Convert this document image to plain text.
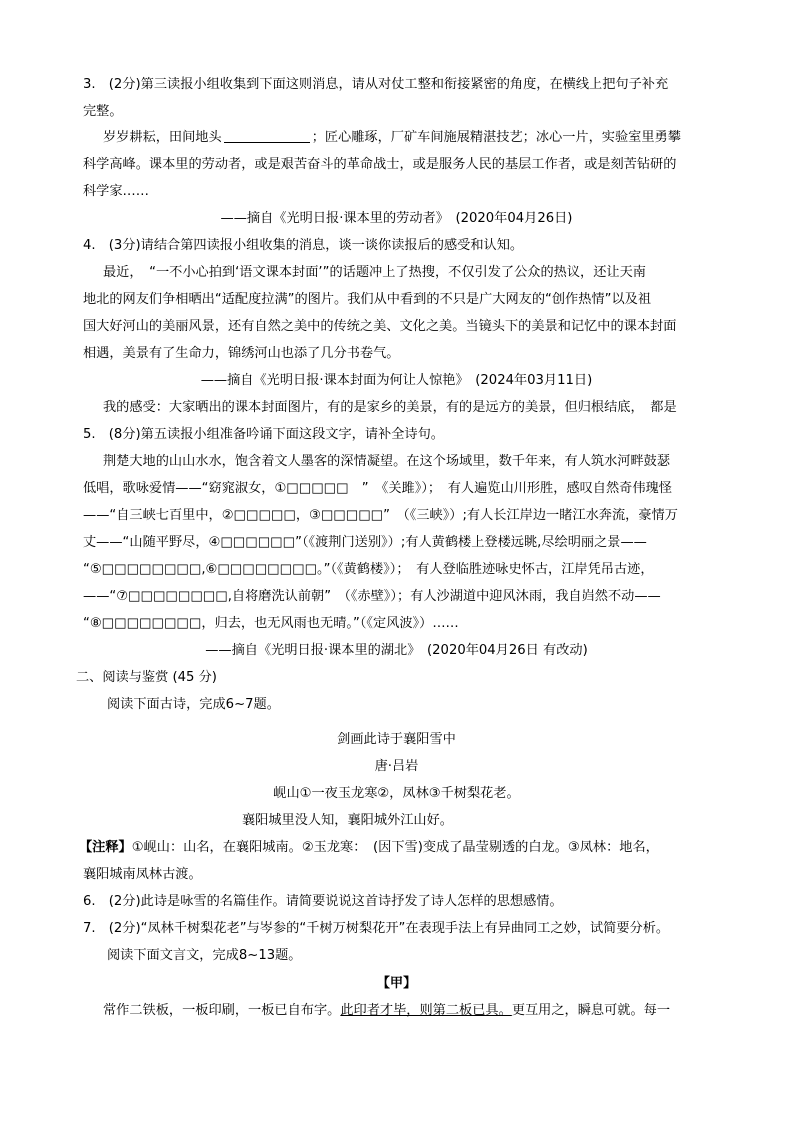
3.　(2分)第三读报小组收集到下面这则消息，请从对仗工整和衔接紧密的角度，在横线上把句子补充
完整。
岁岁耕耘，田间地头	；匠心雕琢，厂矿车间施展精湛技艺；冰心一片，实验室里勇攀
科学高峰。课本里的劳动者，或是艰苦奋斗的革命战士，或是服务人民的基层工作者，或是刻苦钻研的
科学家……
——摘自《光明日报·课本里的劳动者》　(2020年04月26日)
4.　(3分)请结合第四读报小组收集的消息，谈一谈你读报后的感受和认知。
最近，　“一不小心拍到‘语文课本封面’”的话题冲上了热搜，不仅引发了公众的热议，还让天南
地北的网友们争相晒出“适配度拉满”的图片。我们从中看到的不只是广大网友的“创作热情”以及祖
国大好河山的美丽风景，还有自然之美中的传统之美、文化之美。当镜头下的美景和记忆中的课本封面
相遇，美景有了生命力，锦绣河山也添了几分书卷气。
——摘自《光明日报·课本封面为何让人惊艳》　(2024年03月11日)
我的感受：大家晒出的课本封面图片，有的是家乡的美景，有的是远方的美景，但归根结底，　都是
5.　(8分)第五读报小组准备吟诵下面这段文字，请补全诗句。
荆楚大地的山山水水，饱含着文人墨客的深情凝望。在这个场域里，数千年来，有人筑水河畔鼓瑟
低唱，歌咏爱情——“窈窕淑女，①□□□□□　”　《关雎》）；　有人遍览山川形胜，感叹自然奇伟瑰怪
——“自三峡七百里中，②□□□□□，③□□□□□”　（《三峡》）;有人长江岸边一睹江水奔流，豪情万
丈——“山随平野尽，④□□□□□□”（《渡荆门送别》）;有人黄鹤楼上登楼远眺,尽绘明丽之景——
“⑤□□□□□□□□,⑥□□□□□□□□。”（《黄鹤楼》）；　有人登临胜迹咏史怀古，江岸凭吊古迹，
——“⑦□□□□□□□□,自将磨洗认前朝”　（《赤壁》）；有人沙湖道中迎风沐雨，我自岿然不动——
“⑧□□□□□□□□，归去，也无风雨也无晴。”（《定风波》）……
——摘自《光明日报·课本里的湖北》　(2020年04月26日 有改动)
二、阅读与鉴赏 (45 分)
阅读下面古诗，完成6~7题。
剑画此诗于襄阳雪中
唐·吕岩
岘山①一夜玉龙寒②，凤林③千树梨花老。
襄阳城里没人知，襄阳城外江山好。
【注释】①岘山：山名，在襄阳城南。②玉龙寒：　(因下雪)变成了晶莹剔透的白龙。③凤林：地名，
襄阳城南凤林古渡。
6.　(2分)此诗是咏雪的名篇佳作。请简要说说这首诗抒发了诗人怎样的思想感情。
7.　(2分)“凤林千树梨花老”与岑参的“千树万树梨花开”在表现手法上有异曲同工之妙，试简要分析。
阅读下面文言文，完成8~13题。
【甲】
常作二铁板，一板印刷，一板已自布字。此印者才毕，则第二板已具。更互用之，瞬息可就。每一
